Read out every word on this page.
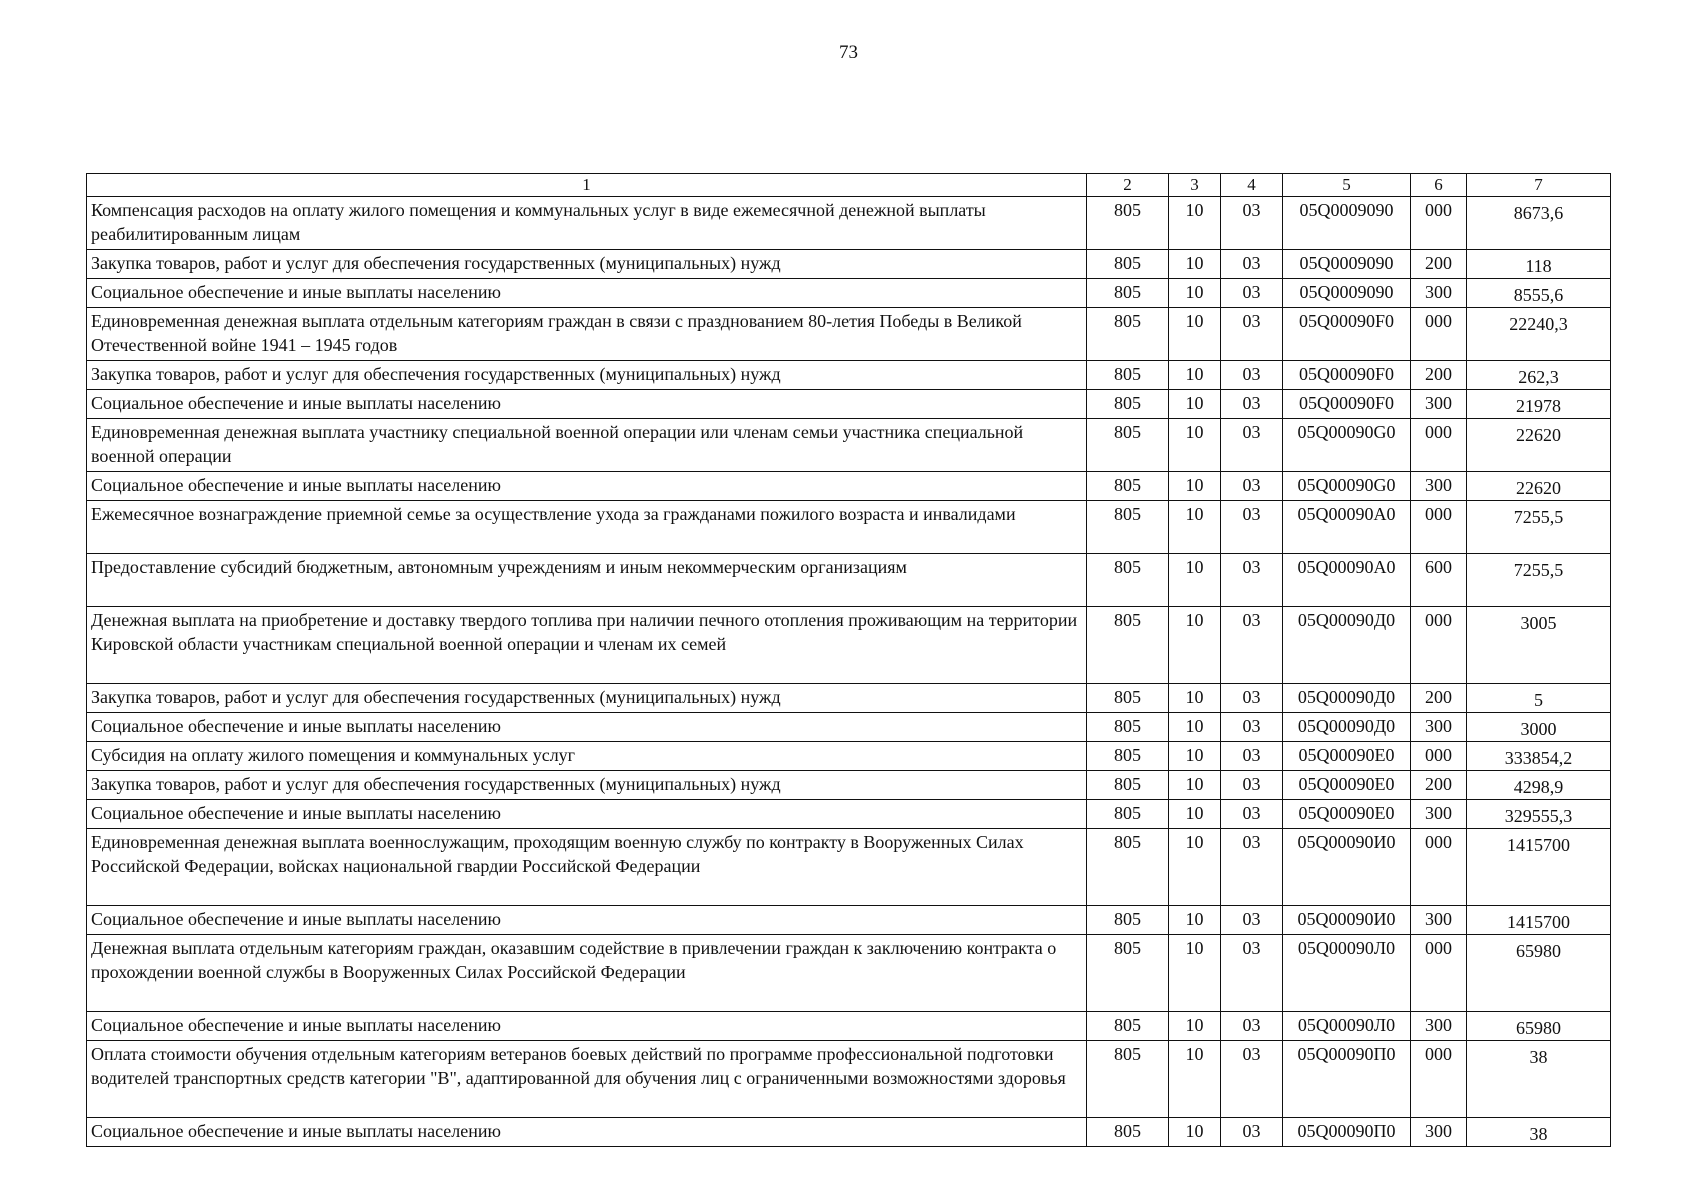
73
1	2	3	4	5	6	7
Компенсация расходов на оплату жилого помещения и коммунальных услуг в виде ежемесячной денежной выплаты реабилитированным лицам	805	10	03	05Q0009090	000	8673,6
Закупка товаров, работ и услуг для обеспечения государственных (муниципальных) нужд	805	10	03	05Q0009090	200	118
Социальное обеспечение и иные выплаты населению	805	10	03	05Q0009090	300	8555,6
Единовременная денежная выплата отдельным категориям граждан в связи с празднованием 80-летия Победы в Великой Отечественной войне 1941 – 1945 годов	805	10	03	05Q00090F0	000	22240,3
Закупка товаров, работ и услуг для обеспечения государственных (муниципальных) нужд	805	10	03	05Q00090F0	200	262,3
Социальное обеспечение и иные выплаты населению	805	10	03	05Q00090F0	300	21978
Единовременная денежная выплата участнику специальной военной операции или членам семьи участника специальной военной операции	805	10	03	05Q00090G0	000	22620
Социальное обеспечение и иные выплаты населению	805	10	03	05Q00090G0	300	22620
Ежемесячное вознаграждение приемной семье за осуществление ухода за гражданами пожилого возраста и инвалидами	805	10	03	05Q00090A0	000	7255,5
Предоставление субсидий бюджетным, автономным учреждениям и иным некоммерческим организациям	805	10	03	05Q00090A0	600	7255,5
Денежная выплата на приобретение и доставку твердого топлива при наличии печного отопления проживающим на территории Кировской области участникам специальной военной операции и членам их семей	805	10	03	05Q00090Д0	000	3005
Закупка товаров, работ и услуг для обеспечения государственных (муниципальных) нужд	805	10	03	05Q00090Д0	200	5
Социальное обеспечение и иные выплаты населению	805	10	03	05Q00090Д0	300	3000
Субсидия на оплату жилого помещения и коммунальных услуг	805	10	03	05Q00090E0	000	333854,2
Закупка товаров, работ и услуг для обеспечения государственных (муниципальных) нужд	805	10	03	05Q00090E0	200	4298,9
Социальное обеспечение и иные выплаты населению	805	10	03	05Q00090E0	300	329555,3
Единовременная денежная выплата военнослужащим, проходящим военную службу по контракту в Вооруженных Силах Российской Федерации, войсках национальной гвардии Российской Федерации	805	10	03	05Q00090И0	000	1415700
Социальное обеспечение и иные выплаты населению	805	10	03	05Q00090И0	300	1415700
Денежная выплата отдельным категориям граждан, оказавшим содействие в привлечении граждан к заключению контракта о прохождении военной службы в Вооруженных Силах Российской Федерации	805	10	03	05Q00090Л0	000	65980
Социальное обеспечение и иные выплаты населению	805	10	03	05Q00090Л0	300	65980
Оплата стоимости обучения отдельным категориям ветеранов боевых действий по программе профессиональной подготовки водителей транспортных средств категории "В", адаптированной для обучения лиц с ограниченными возможностями здоровья	805	10	03	05Q00090П0	000	38
Социальное обеспечение и иные выплаты населению	805	10	03	05Q00090П0	300	38
